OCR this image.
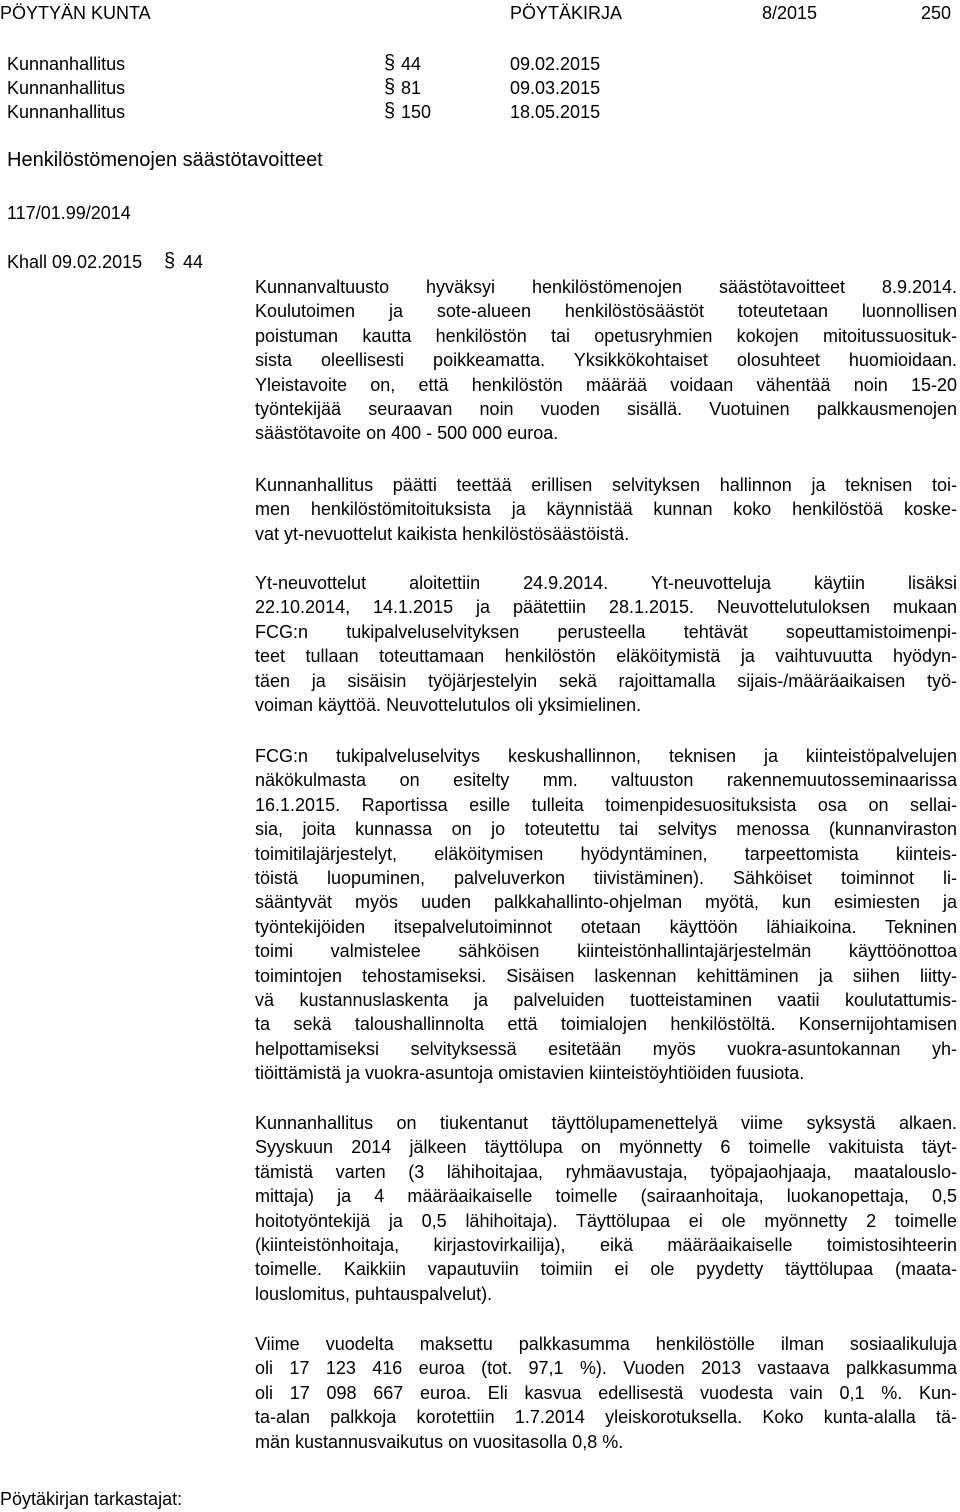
PÖYTYÄN KUNTA	PÖYTÄKIRJA	8/2015	250
Kunnanhallitus	§ 44	09.02.2015
Kunnanhallitus	§ 81	09.03.2015
Kunnanhallitus	§ 150	18.05.2015
Henkilöstömenojen säästötavoitteet
117/01.99/2014
Khall 09.02.2015 § 44
Kunnanvaltuusto hyväksyi henkilöstömenojen säästötavoitteet 8.9.2014.
Koulutoimen ja sote-alueen henkilöstösäästöt toteutetaan luonnollisen
poistuman kautta henkilöstön tai opetusryhmien kokojen mitoitussuosituk-
sista oleellisesti poikkeamatta. Yksikkökohtaiset olosuhteet huomioidaan.
Yleistavoite on, että henkilöstön määrää voidaan vähentää noin 15-20
työntekijää seuraavan noin vuoden sisällä. Vuotuinen palkkausmenojen
säästötavoite on 400 - 500 000 euroa.
Kunnanhallitus päätti teettää erillisen selvityksen hallinnon ja teknisen toi-
men henkilöstömitoituksista ja käynnistää kunnan koko henkilöstöä koske-
vat yt-nevuottelut kaikista henkilöstösäästöistä.
Yt-neuvottelut aloitettiin 24.9.2014. Yt-neuvotteluja käytiin lisäksi
22.10.2014, 14.1.2015 ja päätettiin 28.1.2015. Neuvottelutuloksen mukaan
FCG:n tukipalveluselvityksen perusteella tehtävät sopeuttamistoimenpi-
teet tullaan toteuttamaan henkilöstön eläköitymistä ja vaihtuvuutta hyödyn-
täen ja sisäisin työjärjestelyin sekä rajoittamalla sijais-/määräaikaisen työ-
voiman käyttöä. Neuvottelutulos oli yksimielinen.
FCG:n tukipalveluselvitys keskushallinnon, teknisen ja kiinteistöpalvelujen
näkökulmasta on esitelty mm. valtuuston rakennemuutosseminaarissa
16.1.2015. Raportissa esille tulleita toimenpidesuosituksista osa on sellai-
sia, joita kunnassa on jo toteutettu tai selvitys menossa (kunnanviraston
toimitilajärjestelyt, eläköitymisen hyödyntäminen, tarpeettomista kiinteis-
töistä luopuminen, palveluverkon tiivistäminen). Sähköiset toiminnot li-
sääntyvät myös uuden palkkahallinto-ohjelman myötä, kun esimiesten ja
työntekijöiden itsepalvelutoiminnot otetaan käyttöön lähiaikoina. Tekninen
toimi valmistelee sähköisen kiinteistönhallintajärjestelmän käyttöönottoa
toimintojen tehostamiseksi. Sisäisen laskennan kehittäminen ja siihen liitty-
vä kustannuslaskenta ja palveluiden tuotteistaminen vaatii koulutattumis-
ta sekä taloushallinnolta että toimialojen henkilöstöltä. Konsernijohtamisen
helpottamiseksi selvityksessä esitetään myös vuokra-asuntokannan yh-
tiöittämistä ja vuokra-asuntoja omistavien kiinteistöyhtiöiden fuusiota.
Kunnanhallitus on tiukentanut täyttölupamenettelyä viime syksystä alkaen.
Syyskuun 2014 jälkeen täyttölupa on myönnetty 6 toimelle vakituista täyt-
tämistä varten (3 lähihoitajaa, ryhmäavustaja, työpajaohjaaja, maatalouslo-
mittaja) ja 4 määräaikaiselle toimelle (sairaanhoitaja, luokanopettaja, 0,5
hoitotyöntekijä ja 0,5 lähihoitaja). Täyttölupaa ei ole myönnetty 2 toimelle
(kiinteistönhoitaja, kirjastovirkailija), eikä määräaikaiselle toimistosihteerin
toimelle. Kaikkiin vapautuviin toimiin ei ole pyydetty täyttölupaa (maata-
louslomitus, puhtauspalvelut).
Viime vuodelta maksettu palkkasumma henkilöstölle ilman sosiaalikuluja
oli 17 123 416 euroa (tot. 97,1 %). Vuoden 2013 vastaava palkkasumma
oli 17 098 667 euroa. Eli kasvua edellisestä vuodesta vain 0,1 %. Kun-
ta-alan palkkoja korotettiin 1.7.2014 yleiskorotuksella. Koko kunta-alalla tä-
män kustannusvaikutus on vuositasolla 0,8 %.
Pöytäkirjan tarkastajat:
